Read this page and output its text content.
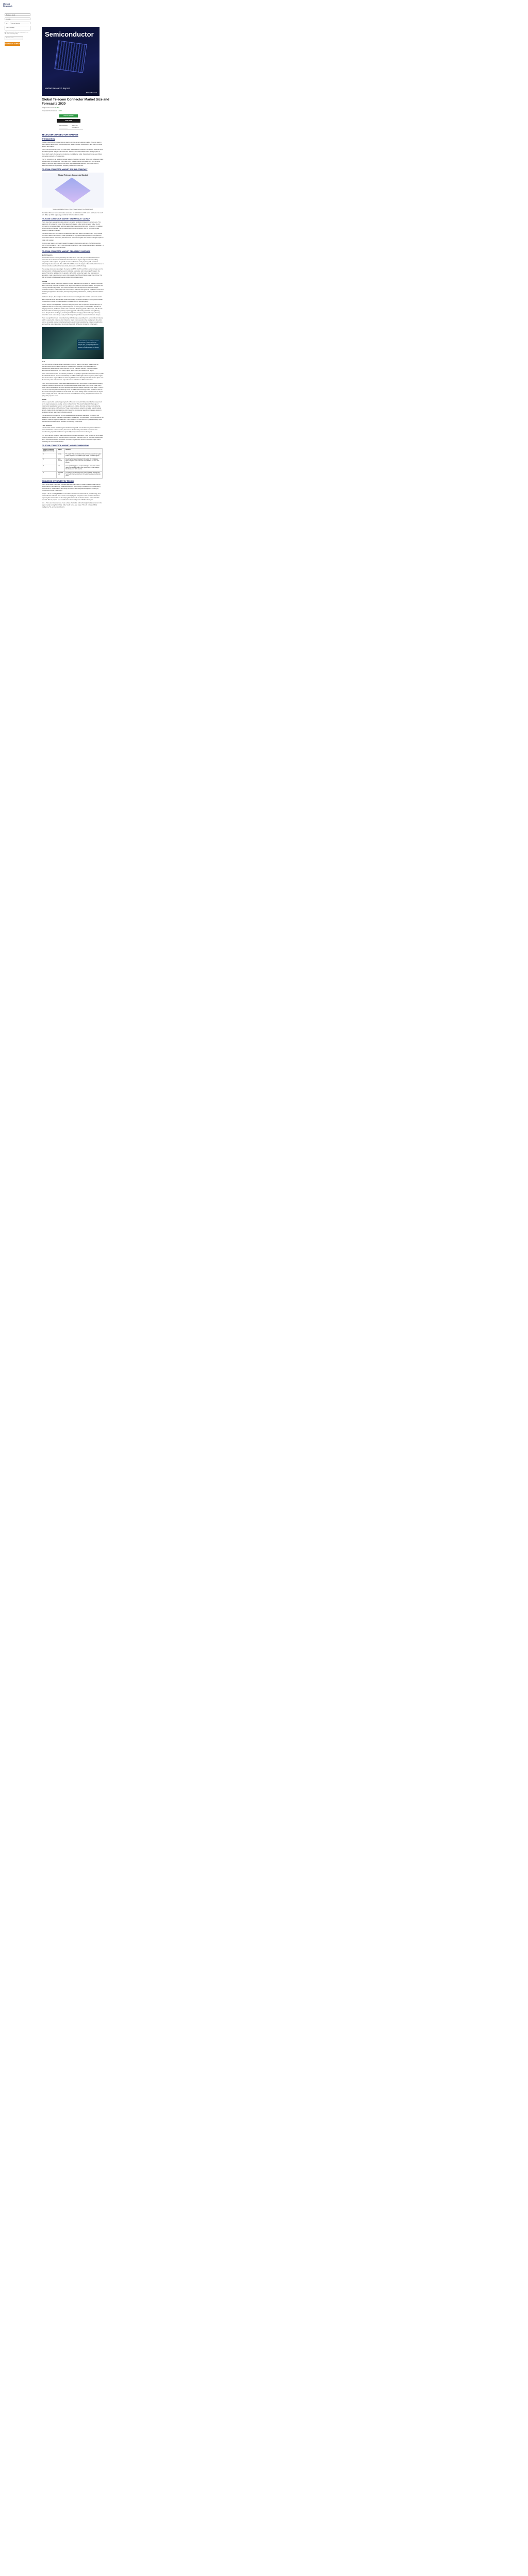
Market
Research
Business Email
Country
+1	Phone Number
Your message
By submitting this form, you are agreeing to our Terms and Privacy Policy
I'm not a robot
DOWNLOAD SAMPLE
Semiconductor
Market Research Report
Market Research
Global Telecom Connector Market Size and Forecasts 2030
Single User License: $ 4500
Corporate User License: $ 8300
Request Sample
BUY NOW
DESCRIPTION	TABLE OF CONTENTS
TELECOM CONNECTOR MARKET
INTRODUCTION

Devices called telecom connectors are used to join two or more telecom cables. They are used in many different applications, such as telephone, data, and video transmissions, and exist in a range of sizes and shapes.

The RJ-45 connector is one of the most widely used varieties of telecom connectors. Ethernet wires are linked together using RJ-45 connectors. Telecom Connector Market: there are eight pins on them, which match the number of conductors in an Ethernet cable. Networks in homes and offices commonly employ RJ-45 connectors.

The SC connector is an additional popular variety of telecom connector. Fiber optic cables are linked together using SC connectors. They have a tiny, square housing that rotates to fit the connector, making it simple to align the fiber optic cable. High-speed data networks, such those used by telecommunications corporations, frequently include SC connectors.

TELECOM CONNECTOR MARKET SIZE AND FORECAST
Global Telecom Connector Market
To understand Market Shares of Major Players: Request Free Sample Report

The Global Telecom Connector market accounted for $XX Billion in 2023 and is anticipated to reach $XX Billion by 2030, registering a CAGR of XX% from 2024 to 2030.

TELECOM CONNECTOR MARKET NEW PRODUCT LAUNCH

There have been several innovative telecom connector products introduced in recent years. The Nano-Lock SC connector is one of the latest technologies. A fiber optic connector called the SC connector is more dependable and long-lasting than conventional fiber optic connectors. In addition to being tighter and smaller than conventional fiber optic connectors, the SC connector is also simpler to install and maintain.

The Molex Nano-Core connector is an additional brand-new telecom connector item. A tiny coaxial connector called a Nano-Core is made specifically for high-speed data applications. Compared to conventional coaxial connectors, the Nano-Core connector is lighter and smaller, making it simpler to install and maintain.

Finally, a new telecom connector created for usage in challenging settings is the TE Connectivity AMP CT-100 connector. The CT-100 connector is perfect for use in outdoor applications because it is resistant to water, dust, and chemicals.

TELECOM CONNECTOR MARKET GEOGRAPHY OVERVIEW
North America

The North American market, particularly the USA, will be one of the prime markets for Telecom Connector due to the nature of industrial automation in the region. High consumer spending compared to other regions, the growth of various industries, mainly AI, along with consistent technological advancements. The GDP of the USA is one of the largest in the world, and it is home to various industries such as Pharmaceuticals, Aerospace, and Technology.

The average consumer spending in the region was $72K in 2023, and this is set to increase over the forecast period. Industries are focused on industrial automation and increasing efficiency in the region. This will be facilitated by the growth in IoT and AI across the board. Due to tensions in geopolitics, most manufacturing is set to shift towards the USA and Mexico, away from China. This shift will include industries such as semiconductors and automotive.

Europe

The European market, particularly Western Europe, is another prime market for Telecom Connector due to the strong economic condition in the region. Compared to most other regions, the region has a strong manufacturing sector. This ensures research and development of new technologies, constant innovation, and development across various industries that generate significant investments and being foreground in developing and improving existing infrastructure, enabling various industries to thrive.

In Western Europe, the margins for Telecom Connector are higher than in other parts of the world due to regional supply and demand dynamics. Average consumer spending in the region and better infrastructure in 2023, but it is expected to increase over the forecast period.

Eastern Europe is anticipated to experience a higher growth rate compared to Western Europe, as significant shifts in manufacturing and development are taking place in countries like Poland and Hungary. However, the Russia-Ukraine war is currently disrupting growth in the region, with the risk of an immediate reactionary regulatory impacting growth and creating instability in neighboring areas. Despite these challenges, technological hubs are emerging in Eastern Europe, driven by lower labor costs and a strong supply of technological capabilities compared to Western Europe.

There is a significant boom in manufacturing within Europe, especially in the semiconductor industry, which is expected to influence other industries. Major improvements in the development of sectors such as renewable energy, industrial automation, automotive manufacturing, battery manufacturing and recycling, and AI are poised to promote the growth of Telecom Connector in the region.

The US and Europe are working to increase their production in semiconductors and domestic chips. This incurs dependency on manufacturing chips in Asia reducing exposure to changes in supply and demand.
Asia

Asia will continue to be the global manufacturing hub for Telecom Connector Market over the forecast period with China dominating the manufacturing. However, there will be a shift in manufacturing towards other Asian countries such as India and Vietnam. The technological developments will continue from China, Japan, South Korea, and India for the region.

There is a trend to improve the efficiency as well as the quality of goods and services to keep up with the standards that are present internationally as well as set the tight in terms of pricing in the region. The demand in the region will also be driven by infrastructural developments that will take place over the forecast period to improve the output for various industries in different countries.

There will be higher growth in the Middle East as investments will be used to improve their standing in various industries rather than oil. Countries such as the Saudi Arabia Vision 2030, Qatar Vision 2030, and Abu Dhabi 2030 will cause developments across multiple industries in the region. There is a focus on improving the manufacturing sector as well as the technology-based services to cater to the needs of the region and the rest of the world. Due to the shifting nature of fossil fuels, the region will be majorly self-reliant and utilize resources across the fresh money, though fossil fuels are not going away any time soon.

Africa

Africa is expected to see the largest growth in Telecom Connector Market over the forecast period, as the region prepares to develop across multiple fronts. This growth aligns with the surge of investments targeting key sectors such as agriculture, mining, financial services, manufacturing, logistics, ecommerce, and healthcare. These investments are poised to stimulate overall regional growth, creating ripple effects across other industries as consumer spending increases, access to products improves, and product offerings expand.

The development is supported by both established companies and startups in the region, with assistance from various charitable organizations. Additionally, the presence of a young workforce will positively influence regional challenges. There has been an improvement in political stability, which has attracted and will continue to attract more foreign investments.

Latin America

Latin America and the Oceania region will showcase growth over the forecast period in Telecom Connector Market. In Latin America, the focus in the forecast period will be to improve their manufacturing capabilities which is supported by foreign investments in the region.

This will be across industries mainly automotive and medical devices. There will also be an increase in mining activities over the forecast period in the region. The area is ripe for economic development and is expected to facilitate the border movement of goods and services within the region further enhancing the economic landscape.

TELECOM CONNECTOR MARKET MARGIN COMPARISON
Margin Comparison (Highest to lowest)	Region	Remarks
1	Europe	The supply chain standards and the purchasing power in the region enable suppliers to command a larger margin than other regions.
2	North America	Due to the high spending power in the region, the margins are higher compared to the rest of the world, but they are lower than Europe.
3	Asia	Lower purchasing power, coupled with higher competition and the majority of the supply chain in the region, leads to lower margins than Europe and North America.
4	Africa and Latin	The margins are the lowest in the region, except for Australia and New Zealand as the countries in the region have lower purchasing power.
INNOVATION INVESTMENT BY REGION

USA – $519 billion is allocated in federal R&D with main focus on health research, clean energy, semiconductor manufacturing, sustainable facilities, clean energy, and advanced manufacturing. Investments by private players are mainly focused on technological development focusing AI, infrastructure and AI in the region.

Europe – EU is investing €1 billion in innovation consistent to sectors like AI, biotechnology, and semiconductors. There is also a focus on developing the ecosystem in the continent as well as improving the infrastructure for developing industries such as electric vehicles and sustainable materials. Private players have contributed to the development of R&D in the region.

Asia – There are investments to create a base of scientific and technological advancements in the region mainly coming from China, India, South Korea, and Japan. This will include artificial intelligence, 5G, and semiconductors.
